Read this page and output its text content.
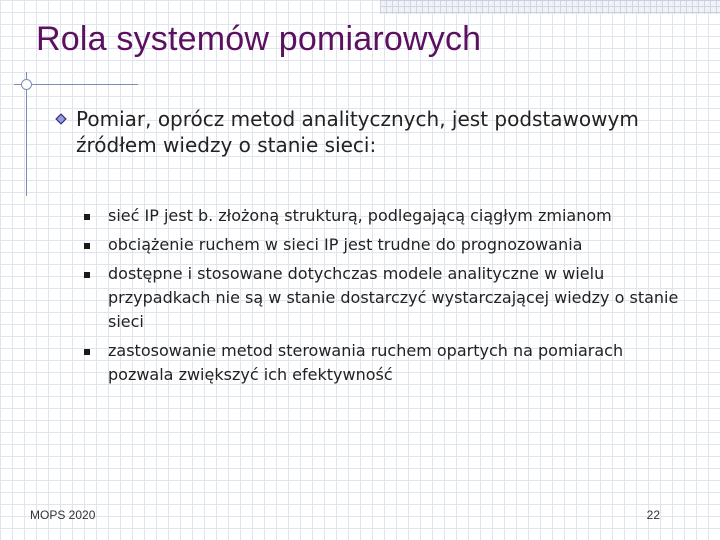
Rola systemów pomiarowych

Pomiar, oprócz metod analitycznych, jest podstawowym źródłem wiedzy o stanie sieci:

sieć IP jest b. złożoną strukturą, podlegającą ciągłym zmianom
obciążenie ruchem w sieci IP jest trudne do prognozowania
dostępne i stosowane dotychczas modele analityczne w wielu przypadkach nie są w stanie dostarczyć wystarczającej wiedzy o stanie sieci
zastosowanie metod sterowania ruchem opartych na pomiarach pozwala zwiększyć ich efektywność
MOPS 2020	22
